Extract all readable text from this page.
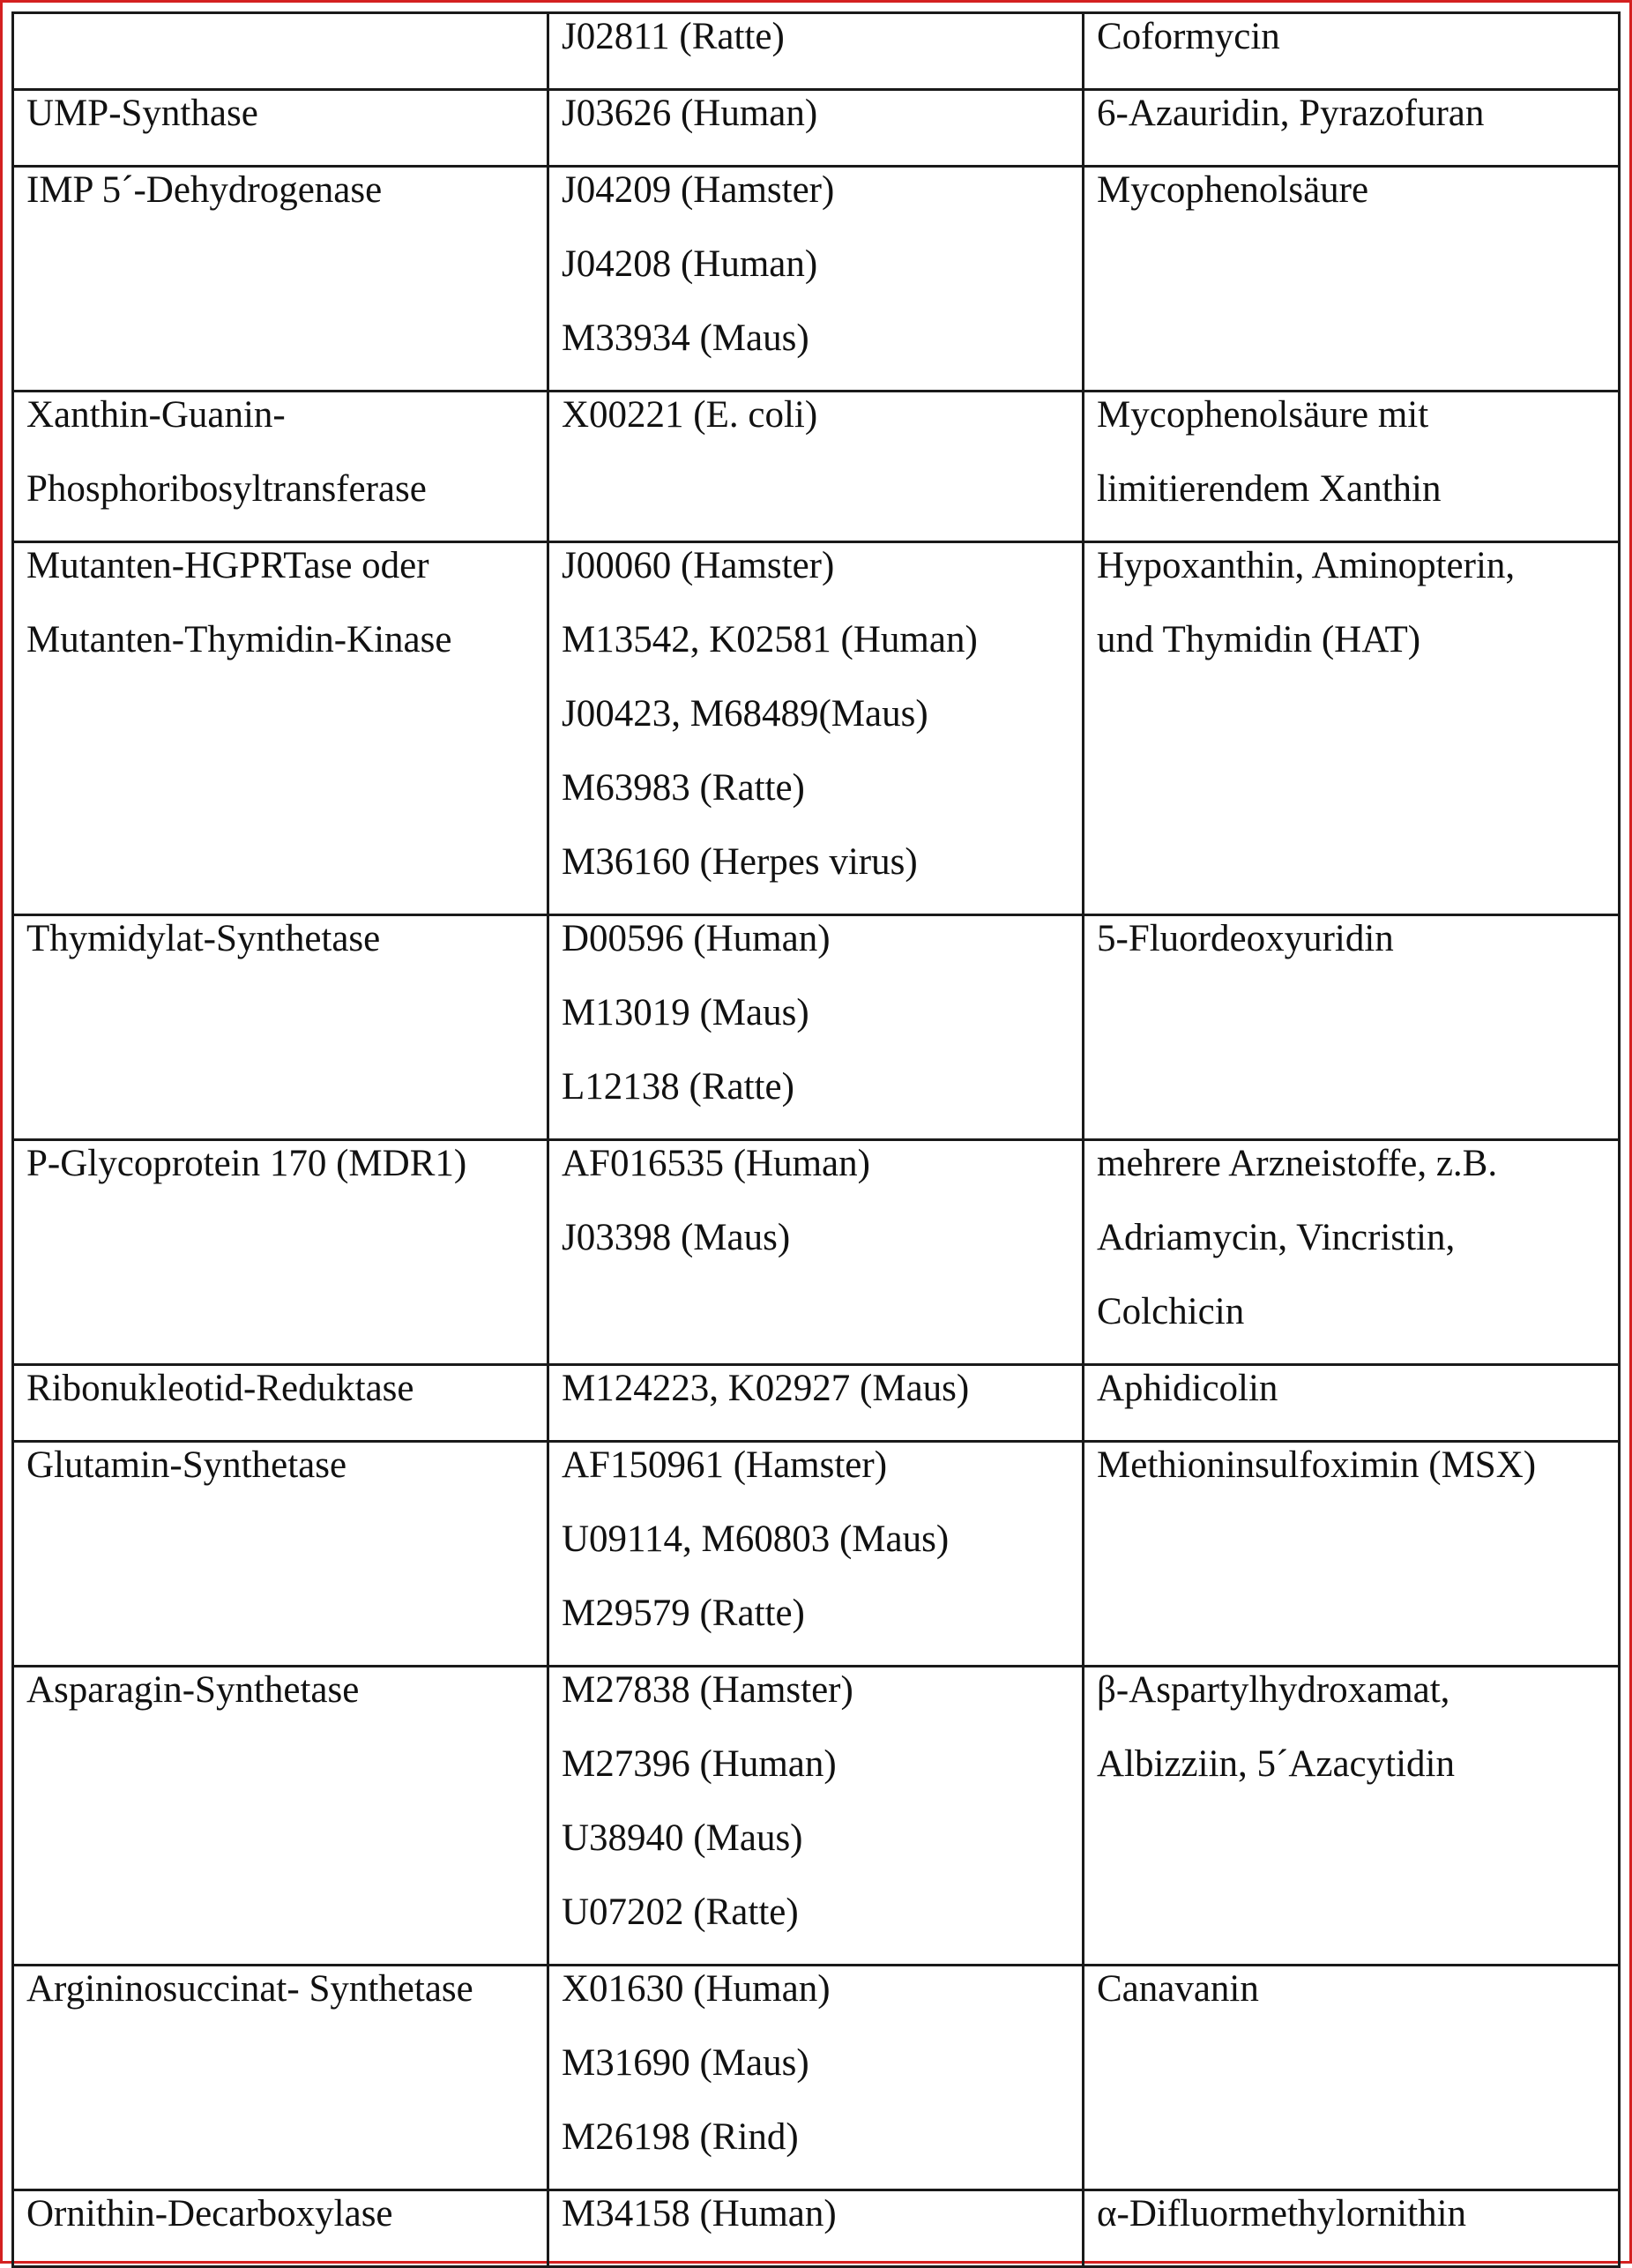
	J02811 (Ratte)	Coformycin

UMP-Synthase	J03626 (Human)	6-Azauridin, Pyrazofuran

IMP 5´-Dehydrogenase	J04209 (Hamster)
J04208 (Human)
M33934 (Maus)	Mycophenolsäure

Xanthin-Guanin-
Phosphoribosyltransferase	X00221 (E. coli)	Mycophenolsäure mit
limitierendem Xanthin

Mutanten-HGPRTase oder
Mutanten-Thymidin-Kinase	J00060 (Hamster)
M13542, K02581 (Human)
J00423, M68489(Maus)
M63983 (Ratte)
M36160 (Herpes virus)	Hypoxanthin, Aminopterin,
und Thymidin (HAT)

Thymidylat-Synthetase	D00596 (Human)
M13019 (Maus)
L12138 (Ratte)	5-Fluordeoxyuridin

P-Glycoprotein 170 (MDR1)	AF016535 (Human)
J03398 (Maus)	mehrere Arzneistoffe, z.B.
Adriamycin, Vincristin,
Colchicin

Ribonukleotid-Reduktase	M124223, K02927 (Maus)	Aphidicolin

Glutamin-Synthetase	AF150961 (Hamster)
U09114, M60803 (Maus)
M29579 (Ratte)	Methioninsulfoximin (MSX)

Asparagin-Synthetase	M27838 (Hamster)
M27396 (Human)
U38940 (Maus)
U07202 (Ratte)	β-Aspartylhydroxamat,
Albizziin, 5´Azacytidin

Argininosuccinat- Synthetase	X01630 (Human)
M31690 (Maus)
M26198 (Rind)	Canavanin

Ornithin-Decarboxylase	M34158 (Human)	α-Difluormethylornithin
